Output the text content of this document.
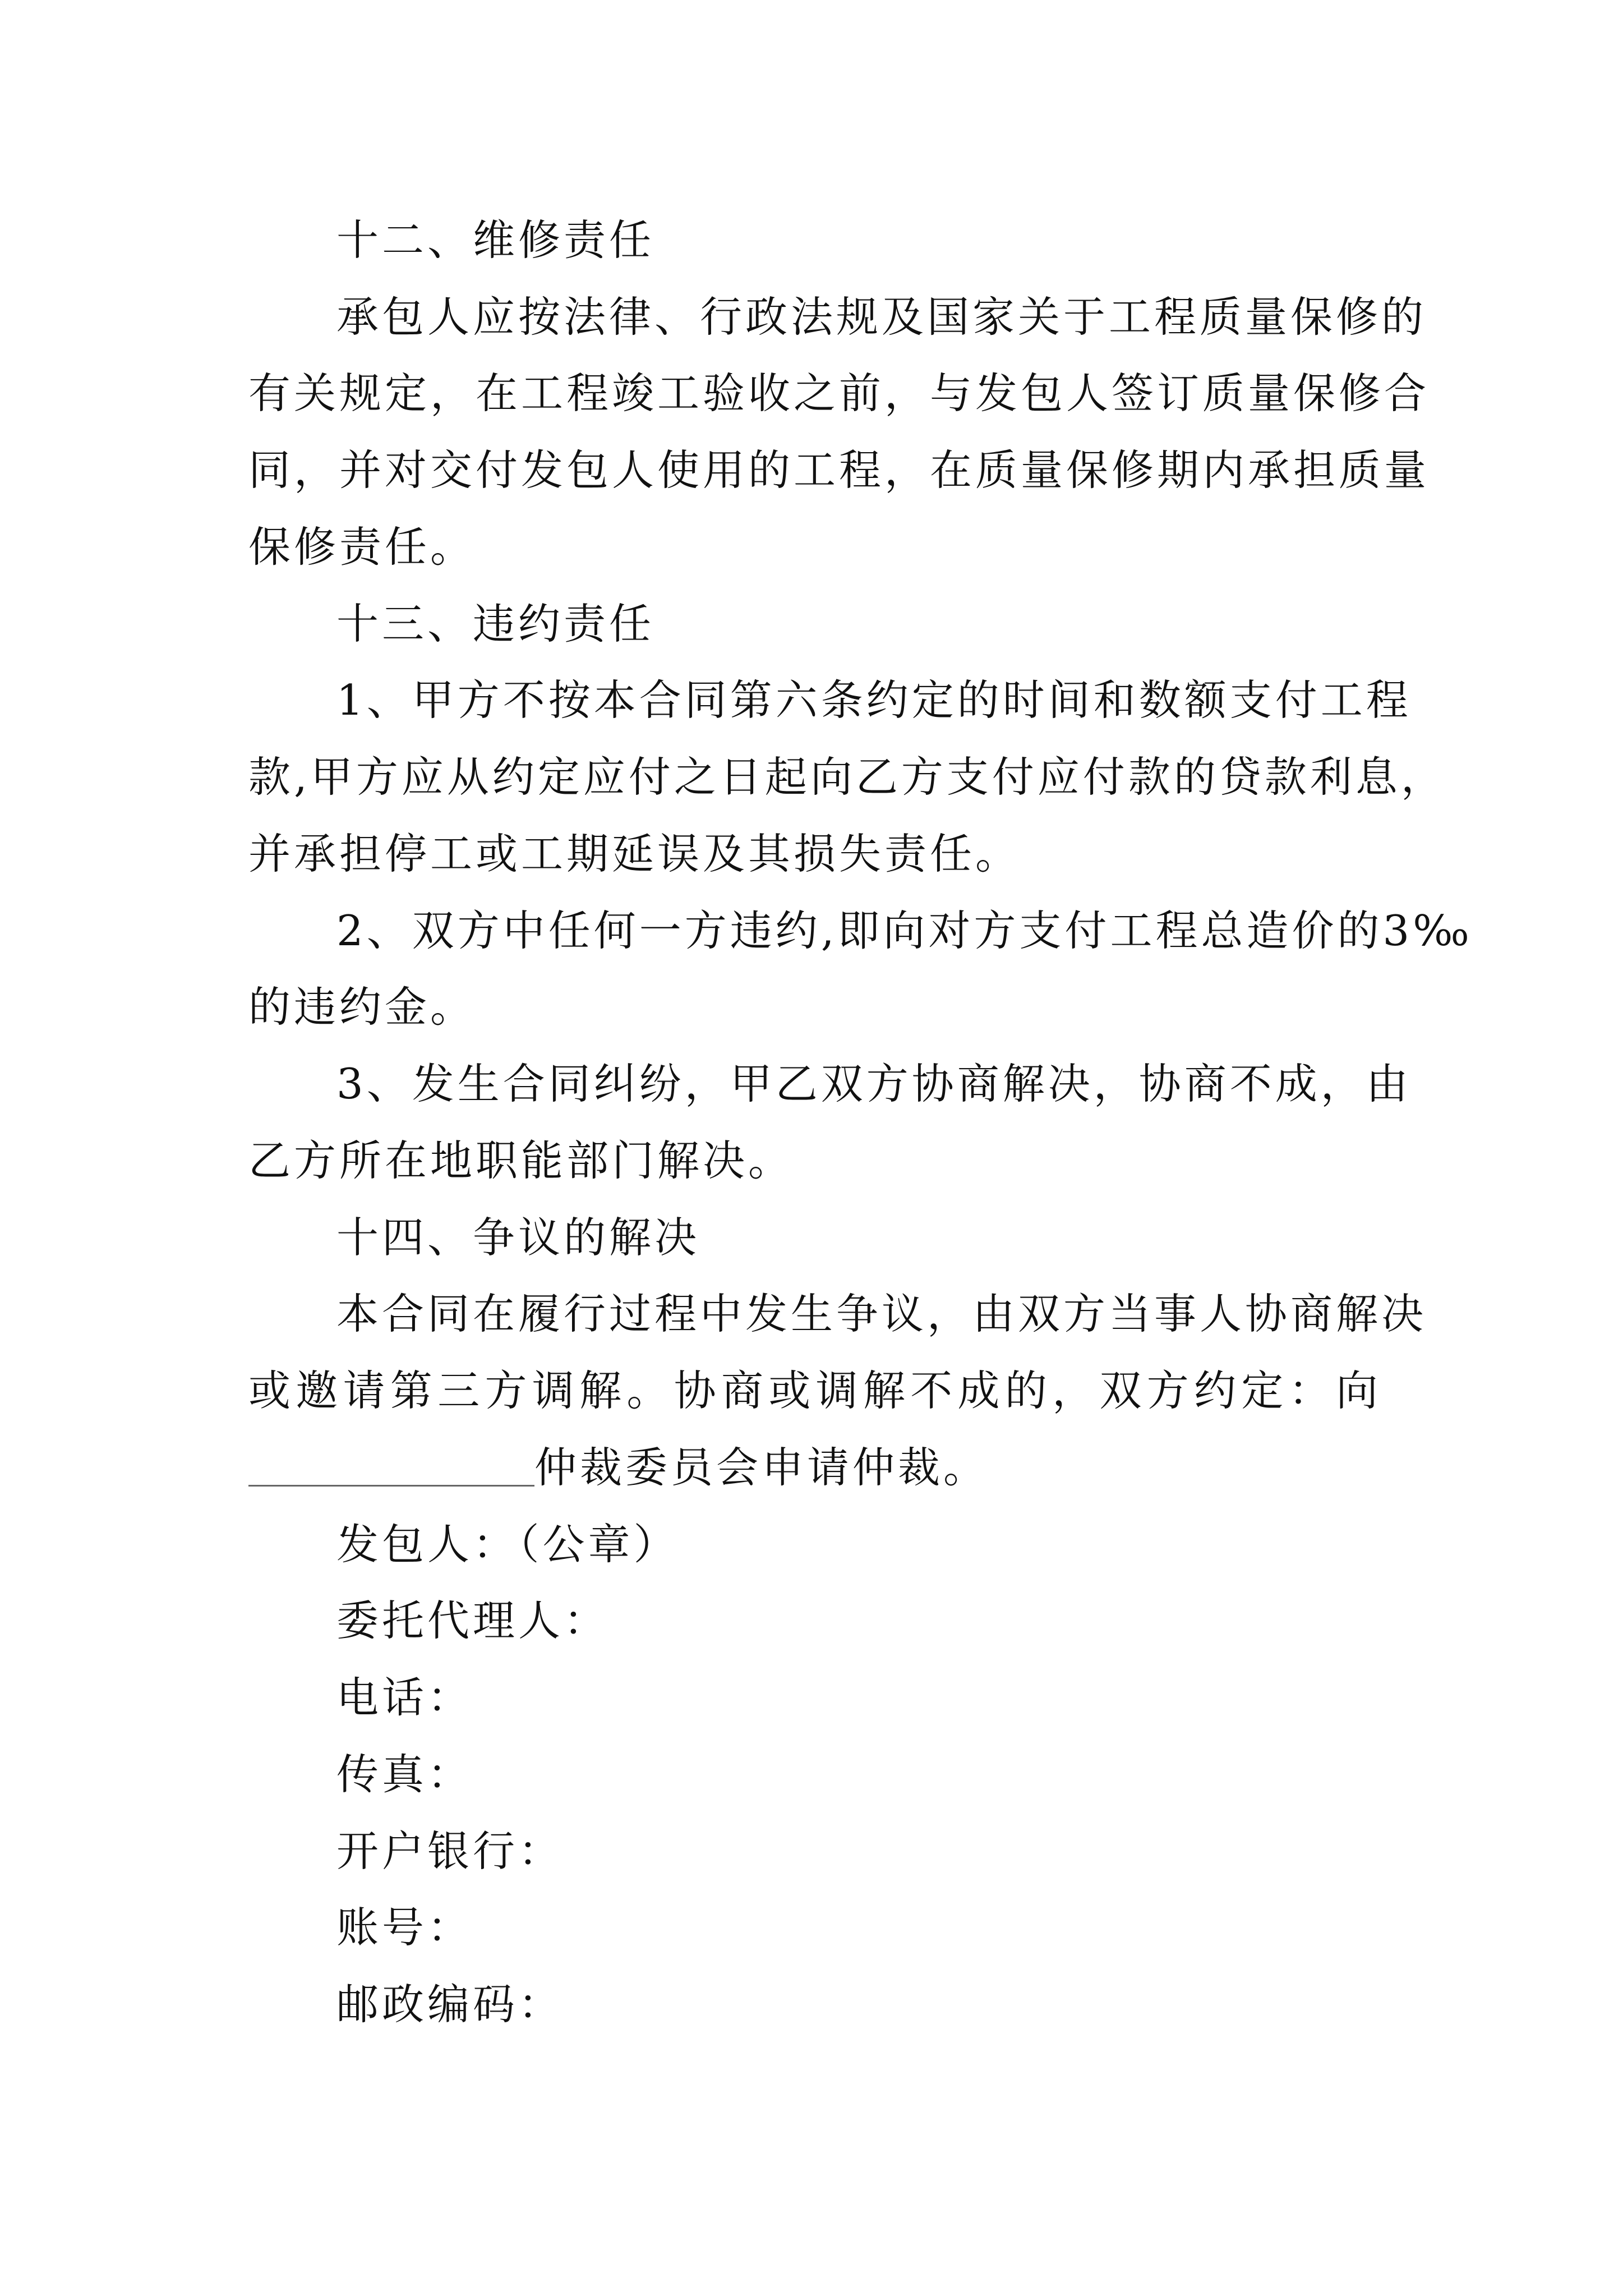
十二、维修责任
承包人应按法律、行政法规及国家关于工程质量保修的
有关规定，在工程竣工验收之前，与发包人签订质量保修合
同，并对交付发包人使用的工程，在质量保修期内承担质量
保修责任。
十三、违约责任
1、甲方不按本合同第六条约定的时间和数额支付工程
款,甲方应从约定应付之日起向乙方支付应付款的贷款利息，
并承担停工或工期延误及其损失责任。
2、双方中任何一方违约,即向对方支付工程总造价的3‰
的违约金。
3、发生合同纠纷，甲乙双方协商解决，协商不成，由
乙方所在地职能部门解决。
十四、争议的解决
本合同在履行过程中发生争议，由双方当事人协商解决
或邀请第三方调解。协商或调解不成的，双方约定：向
仲裁委员会申请仲裁。
发包人：（公章）
委托代理人：
电话：
传真：
开户银行：
账号：
邮政编码：
